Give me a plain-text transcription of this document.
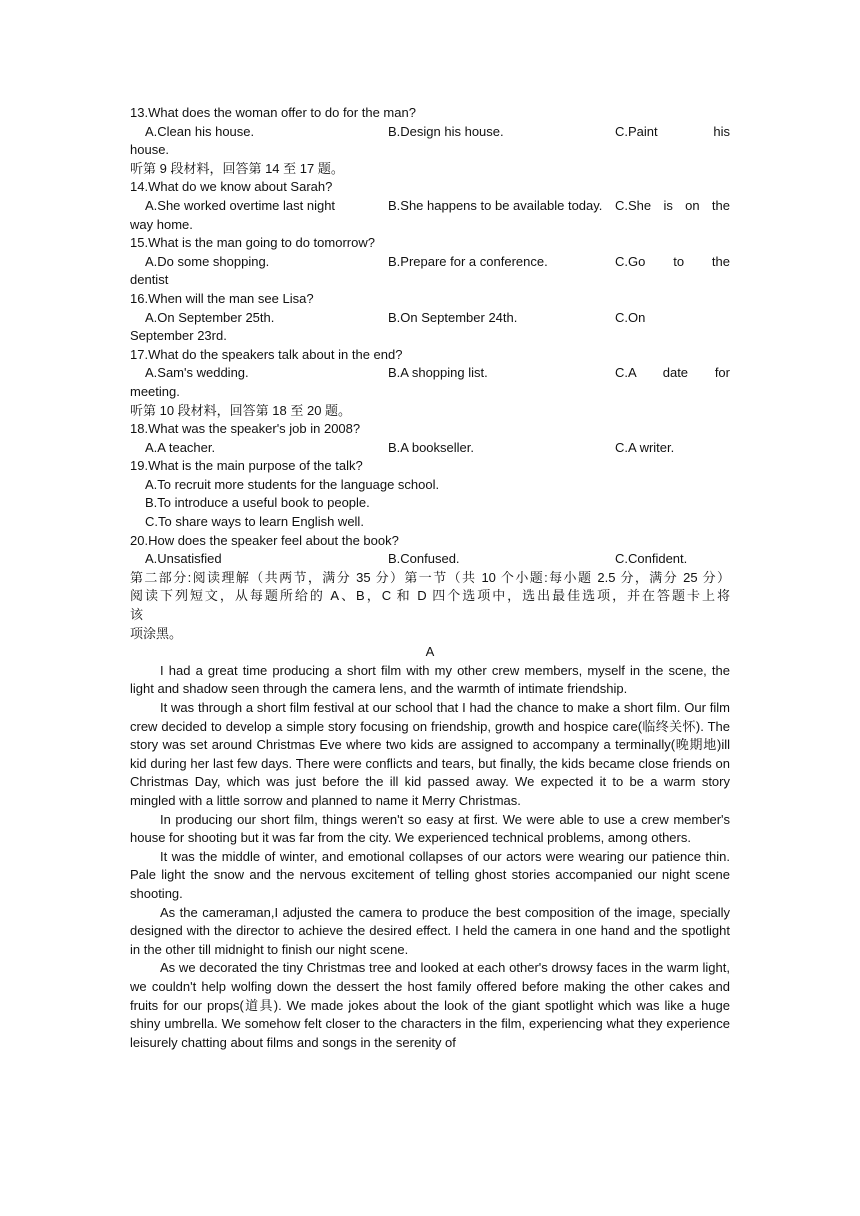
13.What does the woman offer to do for the man?
A.Clean his house.	B.Design his house.	C.Paint his
house.
听第 9 段材料，回答第 14 至 17 题。
14.What do we know about Sarah?
A.She worked overtime last night	B.She happens to be available today. C.She is on the
way home.
15.What is the man going to do tomorrow?
A.Do some shopping.	B.Prepare for a conference.	C.Go to the
dentist
16.When will the man see Lisa?
A.On September 25th.	B.On September 24th.	C.On
September 23rd.
17.What do the speakers talk about in the end?
A.Sam's wedding.	B.A shopping list.	C.A date for
meeting.
听第 10 段材料，回答第 18 至 20 题。
18.What was the speaker's job in 2008?
A.A teacher.	B.A bookseller.	C.A writer.
19.What is the main purpose of the talk?
A.To recruit more students for the language school.
B.To introduce a useful book to people.
C.To share ways to learn English well.
20.How does the speaker feel about the book?
A.Unsatisfied	B.Confused.	C.Confident.
第二部分:阅读理解（共两节，满分 35 分）第一节（共 10 个小题:每小题 2.5 分，满分 25 分）
阅读下列短文，从每题所给的 A、B，C 和 D 四个选项中，选出最佳选项，并在答题卡上将
该
项涂黑。
A

I had a great time producing a short film with my other crew members, myself in the scene, the light and shadow seen through the camera lens, and the warmth of intimate friendship.

It was through a short film festival at our school that I had the chance to make a short film. Our film crew decided to develop a simple story focusing on friendship, growth and hospice care(临终关怀). The story was set around Christmas Eve where two kids are assigned to accompany a terminally(晚期地)ill kid during her last few days. There were conflicts and tears, but finally, the kids became close friends on Christmas Day, which was just before the ill kid passed away. We expected it to be a warm story mingled with a little sorrow and planned to name it Merry Christmas.

In producing our short film, things weren't so easy at first. We were able to use a crew member's house for shooting but it was far from the city. We experienced technical problems, among others.

It was the middle of winter, and emotional collapses of our actors were wearing our patience thin. Pale light the snow and the nervous excitement of telling ghost stories accompanied our night scene shooting.

As the cameraman,I adjusted the camera to produce the best composition of the image, specially designed with the director to achieve the desired effect. I held the camera in one hand and the spotlight in the other till midnight to finish our night scene.

As we decorated the tiny Christmas tree and looked at each other's drowsy faces in the warm light, we couldn't help wolfing down the dessert the host family offered before making the other cakes and fruits for our props(道具). We made jokes about the look of the giant spotlight which was like a huge shiny umbrella. We somehow felt closer to the characters in the film, experiencing what they experience leisurely chatting about films and songs in the serenity of
